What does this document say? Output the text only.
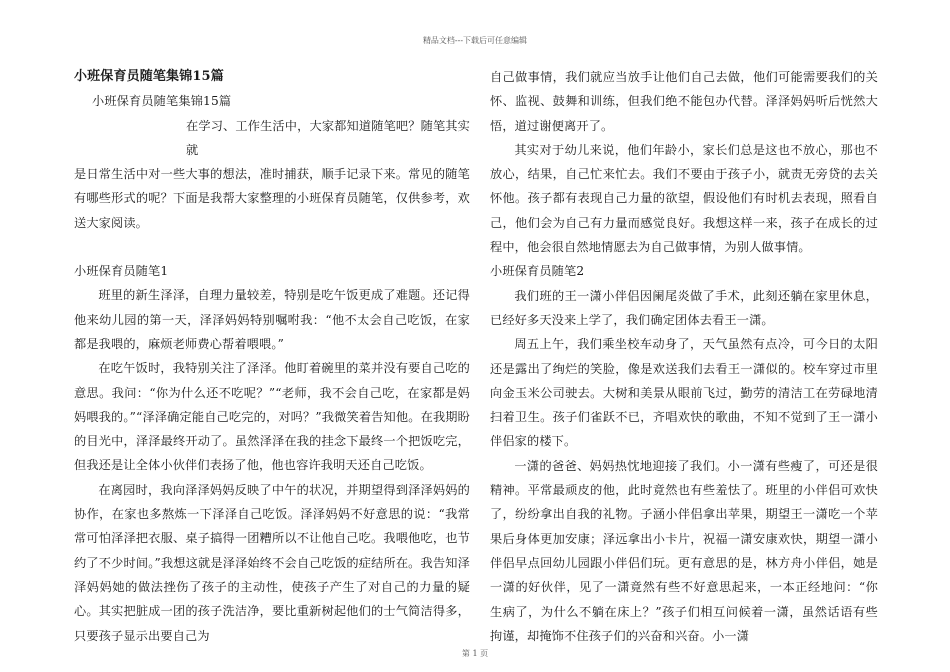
精品文档---下载后可任意编辑

小班保育员随笔集锦15篇

小班保育员随笔集锦15篇

在学习、工作生活中，大家都知道随笔吧？随笔其实就

是日常生活中对一些大事的想法，准时捕获，顺手记录下来。常见的随笔有哪些形式的呢？下面是我帮大家整理的小班保育员随笔，仅供参考，欢送大家阅读。

小班保育员随笔1

班里的新生泽泽，自理力量较差，特别是吃午饭更成了难题。还记得他来幼儿园的第一天，泽泽妈妈特别嘱咐我：“他不太会自己吃饭，在家都是我喂的，麻烦老师费心帮着喂喂。”

在吃午饭时，我特别关注了泽泽。他盯着碗里的菜并没有要自己吃的意思。我问：“你为什么还不吃呢？”“老师，我不会自己吃，在家都是妈妈喂我的。”“泽泽确定能自己吃完的，对吗？”我微笑着告知他。在我期盼的目光中，泽泽最终开动了。虽然泽泽在我的挂念下最终一个把饭吃完，但我还是让全体小伙伴们表扬了他，他也容许我明天还自己吃饭。

在离园时，我向泽泽妈妈反映了中午的状况，并期望得到泽泽妈妈的协作，在家也多熬炼一下泽泽自己吃饭。泽泽妈妈不好意思的说：“我常常可怕泽泽把衣服、桌子搞得一团糟所以不让他自己吃。我喂他吃，也节约了不少时间。”我想这就是泽泽始终不会自己吃饭的症结所在。我告知泽泽妈妈她的做法挫伤了孩子的主动性，使孩子产生了对自己的力量的疑心。其实把脏成一团的孩子洗洁净，要比重新树起他们的士气简洁得多，只要孩子显示出要自己为

自己做事情，我们就应当放手让他们自己去做，他们可能需要我们的关怀、监视、鼓舞和训练，但我们绝不能包办代替。泽泽妈妈听后恍然大悟，道过谢便离开了。

其实对于幼儿来说，他们年龄小，家长们总是这也不放心，那也不放心，结果，自己忙来忙去。我们不要由于孩子小，就责无旁贷的去关怀他。孩子都有表现自己力量的欲望，假设他们有时机去表现，照看自己，他们会为自己有力量而感觉良好。我想这样一来，孩子在成长的过程中，他会很自然地情愿去为自己做事情，为别人做事情。

小班保育员随笔2

我们班的王一潇小伴侣因阑尾炎做了手术，此刻还躺在家里休息，已经好多天没来上学了，我们确定团体去看王一潇。

周五上午，我们乘坐校车动身了，天气虽然有点冷，可今日的太阳还是露出了绚烂的笑脸，像是欢送我们去看王一潇似的。校车穿过市里向金玉米公司驶去。大树和美景从眼前飞过，勤劳的清洁工在劳碌地清扫着卫生。孩子们雀跃不已，齐唱欢快的歌曲，不知不觉到了王一潇小伴侣家的楼下。

一潇的爸爸、妈妈热忱地迎接了我们。小一潇有些瘦了，可还是很精神。平常最顽皮的他，此时竟然也有些羞怯了。班里的小伴侣可欢快了，纷纷拿出自我的礼物。子涵小伴侣拿出苹果，期望王一潇吃一个苹果后身体更加安康；泽远拿出小卡片，祝福一潇安康欢快，期望一潇小伴侣早点回幼儿园跟小伴侣们玩。更有意思的是，林方舟小伴侣，她是一潇的好伙伴，见了一潇竟然有些不好意思起来，一本正经地问：“你生病了，为什么不躺在床上？”孩子们相互问候着一潇，虽然话语有些拘谨，却掩饰不住孩子们的兴奋和兴奋。小一潇

第 1 页
